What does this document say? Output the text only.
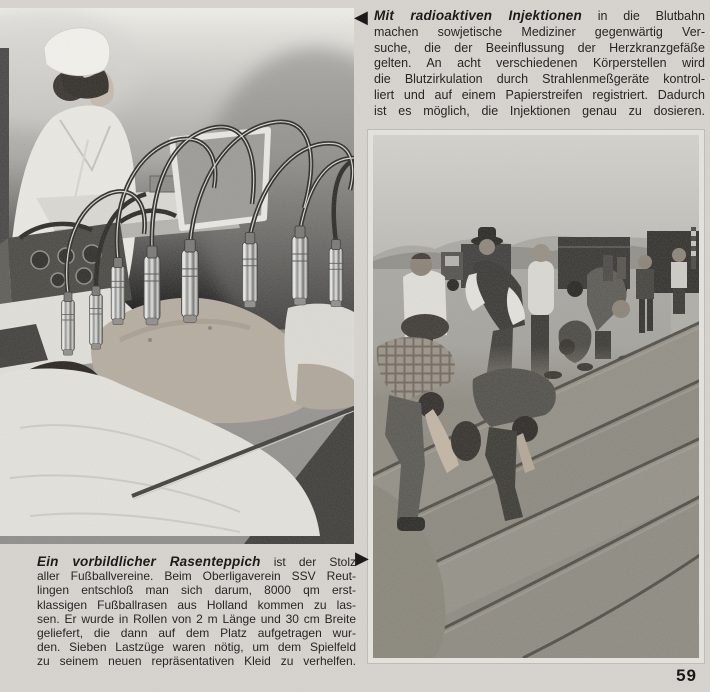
◀ Mit radioaktiven Injektionen in die Blutbahn
machen sowjetische Mediziner gegenwärtig Ver-
suche, die der Beeinflussung der Herzkranzgefäße
gelten. An acht verschiedenen Körperstellen wird
die Blutzirkulation durch Strahlenmeßgeräte kontrol-
liert und auf einem Papierstreifen registriert. Dadurch
ist es möglich, die Injektionen genau zu dosieren.
▶
Ein vorbildlicher Rasenteppich ist der Stolz
aller Fußballvereine. Beim Oberligaverein SSV Reut-
lingen entschloß man sich darum, 8000 qm erst-
klassigen Fußballrasen aus Holland kommen zu las-
sen. Er wurde in Rollen von 2 m Länge und 30 cm Breite
geliefert, die dann auf dem Platz aufgetragen wur-
den. Sieben Lastzüge waren nötig, um dem Spielfeld
zu seinem neuen repräsentativen Kleid zu verhelfen.
59
